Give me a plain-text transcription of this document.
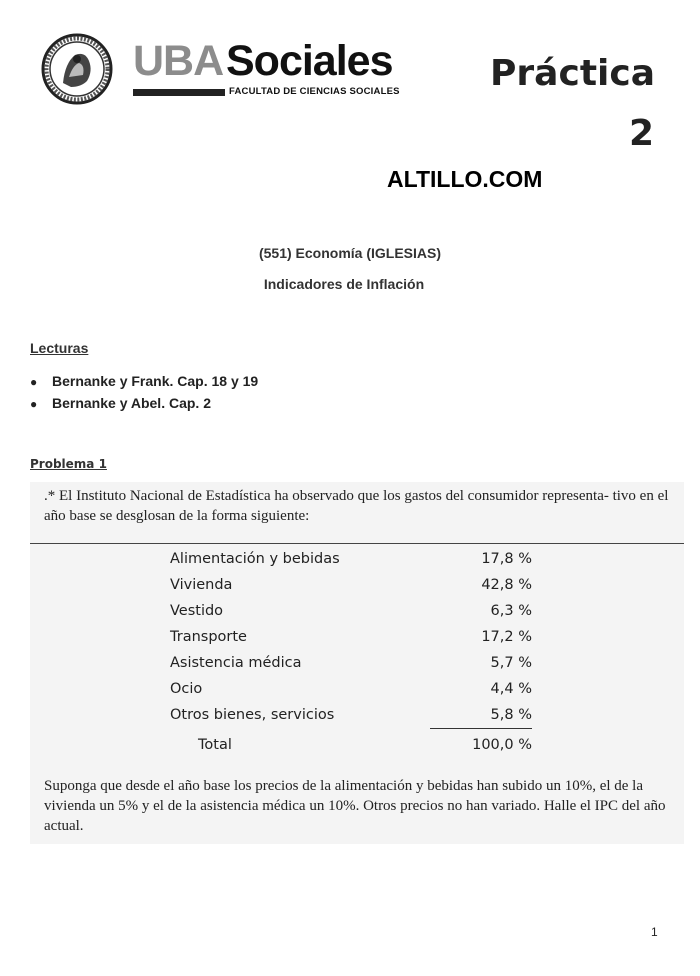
UBA Sociales
FACULTAD DE CIENCIAS SOCIALES	Práctica
2
ALTILLO.COM
(551) Economía (IGLESIAS)
Indicadores de Inflación
Lecturas
● Bernanke y Frank. Cap. 18 y 19
● Bernanke y Abel. Cap. 2
Problema 1
.* El Instituto Nacional de Estadística ha observado que los gastos del consumidor representa- tivo en el año base se desglosan de la forma siguiente:
Alimentación y bebidas	17,8 %
Vivienda	42,8 %
Vestido	6,3 %
Transporte	17,2 %
Asistencia médica	5,7 %
Ocio	4,4 %
Otros bienes, servicios	5,8 %
Total	100,0 %
Suponga que desde el año base los precios de la alimentación y bebidas han subido un 10%, el de la vivienda un 5% y el de la asistencia médica un 10%. Otros precios no han variado. Halle el IPC del año actual.
1
